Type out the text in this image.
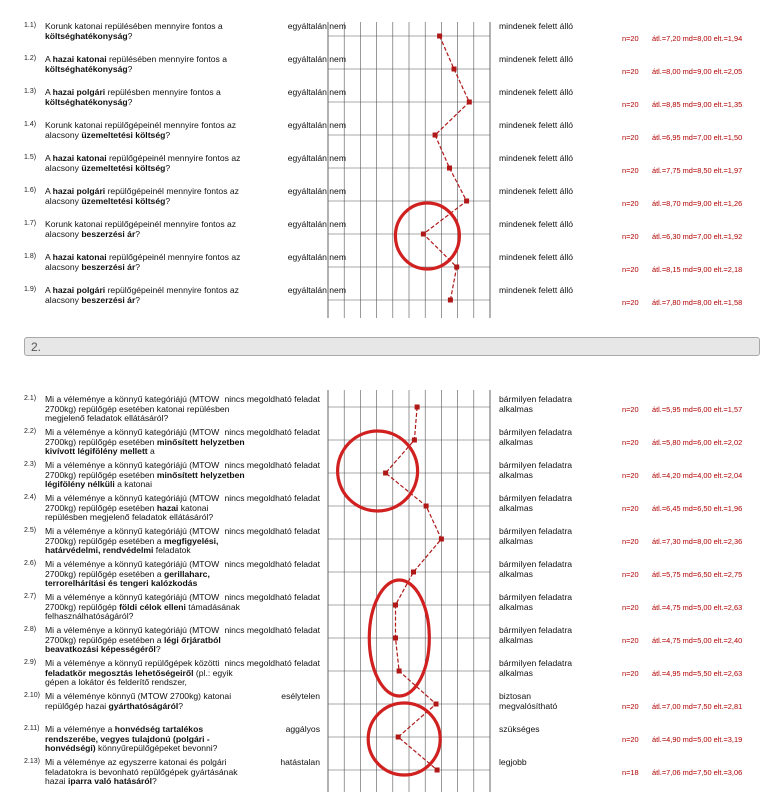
1.1) Korunk katonai repülésében mennyire fontos a költséghatékonyság?
egyáltalán nem	mindenek felett álló
n=20 átl.=7,20 md=8,00 elt.=1,94
1.2) A hazai katonai repülésében mennyire fontos a költséghatékonyság?
egyáltalán nem	mindenek felett álló
n=20 átl.=8,00 md=9,00 elt.=2,05
1.3) A hazai polgári repülésben mennyire fontos a költséghatékonyság?
egyáltalán nem	mindenek felett álló
n=20 átl.=8,85 md=9,00 elt.=1,35
1.4) Korunk katonai repülőgépeinél mennyire fontos az alacsony üzemeltetési költség?
egyáltalán nem	mindenek felett álló
n=20 átl.=6,95 md=7,00 elt.=1,50
1.5) A hazai katonai repülőgépeinél mennyire fontos az alacsony üzemeltetési költség?
egyáltalán nem	mindenek felett álló
n=20 átl.=7,75 md=8,50 elt.=1,97
1.6) A hazai polgári repülőgépeinél mennyire fontos az alacsony üzemeltetési költség?
egyáltalán nem	mindenek felett álló
n=20 átl.=8,70 md=9,00 elt.=1,26
1.7) Korunk katonai repülőgépeinél mennyire fontos az alacsony beszerzési ár?
egyáltalán nem	mindenek felett álló
n=20 átl.=6,30 md=7,00 elt.=1,92
1.8) A hazai katonai repülőgépeinél mennyire fontos az alacsony beszerzési ár?
egyáltalán nem	mindenek felett álló
n=20 átl.=8,15 md=9,00 elt.=2,18
1.9) A hazai polgári repülőgépeinél mennyire fontos az alacsony beszerzési ár?
egyáltalán nem	mindenek felett álló
n=20 átl.=7,80 md=8,00 elt.=1,58
2.
2.1) Mi a véleménye a könnyű kategóriájú (MTOW 2700kg) repülőgép esetében katonai repülésben megjelenő feladatok ellátásáról?
nincs megoldható feladat	bármilyen feladatra alkalmas	n=20 átl.=5,95 md=6,00 elt.=1,57
2.2) Mi a véleménye a könnyű kategóriájú (MTOW 2700kg) repülőgép esetében minősített helyzetben kivívott légifölény mellett a
nincs megoldható feladat	bármilyen feladatra alkalmas	n=20 átl.=5,80 md=6,00 elt.=2,02
2.3) Mi a véleménye a könnyű kategóriájú (MTOW 2700kg) repülőgép esetében minősített helyzetben légifölény nélküli a katonai
nincs megoldható feladat	bármilyen feladatra alkalmas	n=20 átl.=4,20 md=4,00 elt.=2,04
2.4) Mi a véleménye a könnyű kategóriájú (MTOW 2700kg) repülőgép esetében hazai katonai repülésben megjelenő feladatok ellátásáról?
nincs megoldható feladat	bármilyen feladatra alkalmas	n=20 átl.=6,45 md=6,50 elt.=1,96
2.5) Mi a véleménye a könnyű kategóriájú (MTOW 2700kg) repülőgép esetében a megfigyelési, határvédelmi, rendvédelmi feladatok
nincs megoldható feladat	bármilyen feladatra alkalmas	n=20 átl.=7,30 md=8,00 elt.=2,36
2.6) Mi a véleménye a könnyű kategóriájú (MTOW 2700kg) repülőgép esetében a gerillaharc, terrorelhárítási és tengeri kalózkodás
nincs megoldható feladat	bármilyen feladatra alkalmas	n=20 átl.=5,75 md=6,50 elt.=2,75
2.7) Mi a véleménye a könnyű kategóriájú (MTOW 2700kg) repülőgép földi célok elleni támadásának felhasználhatóságáról?
nincs megoldható feladat	bármilyen feladatra alkalmas	n=20 átl.=4,75 md=5,00 elt.=2,63
2.8) Mi a véleménye a könnyű kategóriájú (MTOW 2700kg) repülőgép esetében a légi őrjáratból beavatkozási képességéről?
nincs megoldható feladat	bármilyen feladatra alkalmas	n=20 átl.=4,75 md=5,00 elt.=2,40
2.9) Mi a véleménye a könnyű repülőgépek közötti feladatkör megosztás lehetőségeiről (pl.: egyik gépen a lokátor és felderítő rendszer,
nincs megoldható feladat	bármilyen feladatra alkalmas	n=20 átl.=4,95 md=5,50 elt.=2,63
2.10) Mi a véleménye könnyű (MTOW 2700kg) katonai repülőgép hazai gyárthatóságáról?
esélytelen	biztosan megvalósítható	n=20 átl.=7,00 md=7,50 elt.=2,81
2.11) Mi a véleménye a honvédség tartalékos rendszerébe, vegyes tulajdonú (polgári - honvédségi) könnyűrepülőgépeket bevonni?
aggályos	szükséges
n=20 átl.=4,90 md=5,00 elt.=3,19
2.13) Mi a véleménye az egyszerre katonai és polgári feladatokra is bevonható repülőgépek gyártásának hazai iparra való hatásáról?
hatástalan	legjobb
n=18 átl.=7,06 md=7,50 elt.=3,06
